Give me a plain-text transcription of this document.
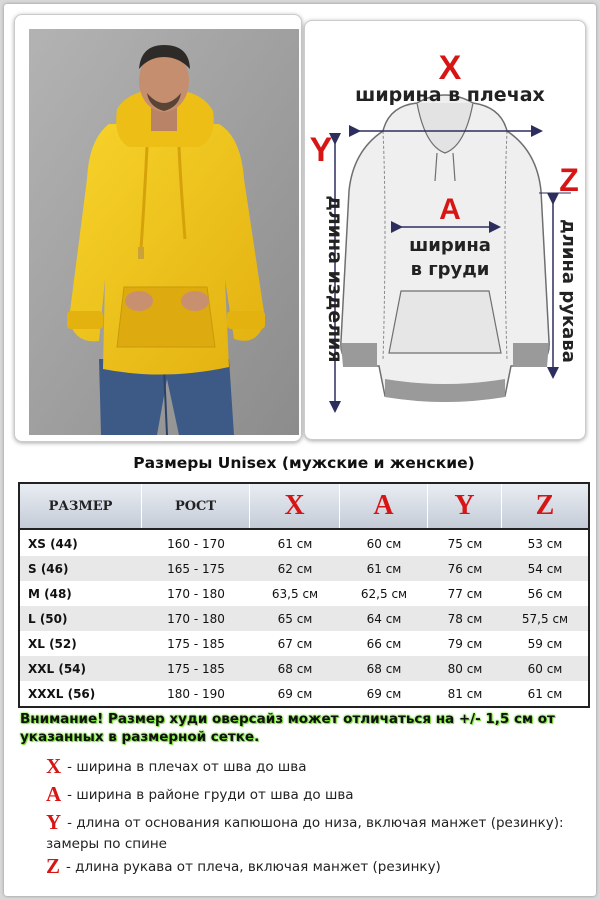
X
ширина в плечах
A
ширина
в груди
Y
длина изделия
Z
длина рукава
Размеры Unisex (мужские и женские)
РАЗМЕР	РОСТ	X	A	Y	Z
XS (44)	160 - 170	61 см	60 см	75 см	53 см
S (46)	165 - 175	62 см	61 см	76 см	54 см
M (48)	170 - 180	63,5 см	62,5 см	77 см	56 см
L (50)	170 - 180	65 см	64 см	78 см	57,5 см
XL (52)	175 - 185	67 см	66 см	79 см	59 см
XXL (54)	175 - 185	68 см	68 см	80 см	60 см
XXXL (56)	180 - 190	69 см	69 см	81 см	61 см
Внимание! Размер худи оверсайз может отличаться на +/- 1,5 см от указанных в размерной сетке.
X - ширина в плечах от шва до шва
A - ширина в районе груди от шва до шва
Y - длина от основания капюшона до низа, включая манжет (резинку): замеры по спине
Z - длина рукава от плеча, включая манжет (резинку)
